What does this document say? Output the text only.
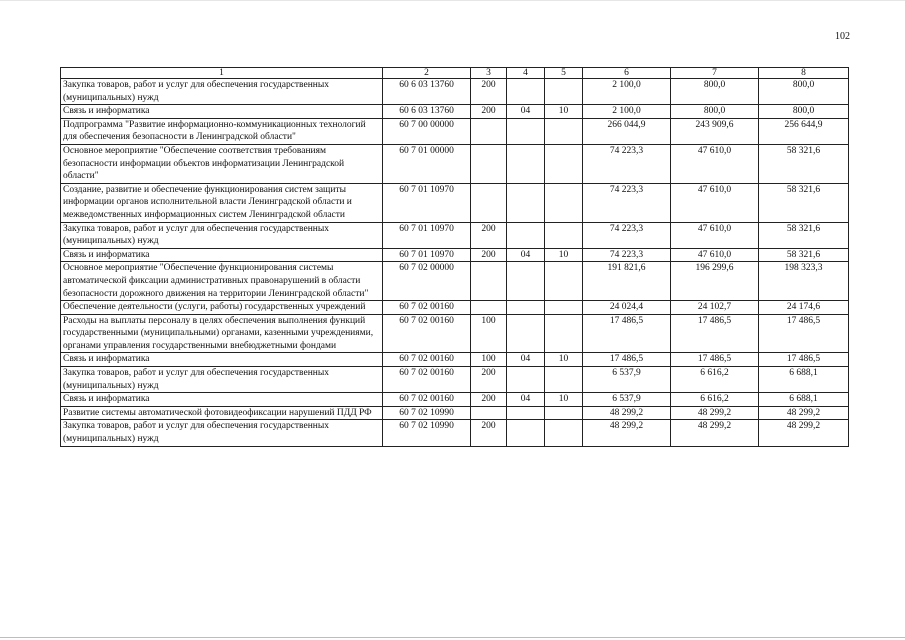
102
1	2	3	4	5	6	7	8
Закупка товаров, работ и услуг для обеспечения государственных (муниципальных) нужд	60 6 03 13760	200			2 100,0	800,0	800,0
Связь и информатика	60 6 03 13760	200	04	10	2 100,0	800,0	800,0
Подпрограмма "Развитие информационно-коммуникационных технологий для обеспечения безопасности в Ленинградской области"	60 7 00 00000				266 044,9	243 909,6	256 644,9
Основное мероприятие "Обеспечение соответствия требованиям безопасности информации объектов информатизации Ленинградской области"	60 7 01 00000				74 223,3	47 610,0	58 321,6
Создание, развитие и обеспечение функционирования систем защиты информации органов исполнительной власти Ленинградской области и межведомственных информационных систем Ленинградской области	60 7 01 10970				74 223,3	47 610,0	58 321,6
Закупка товаров, работ и услуг для обеспечения государственных (муниципальных) нужд	60 7 01 10970	200			74 223,3	47 610,0	58 321,6
Связь и информатика	60 7 01 10970	200	04	10	74 223,3	47 610,0	58 321,6
Основное мероприятие "Обеспечение функционирования системы автоматической фиксации административных правонарушений в области безопасности дорожного движения на территории Ленинградской области"	60 7 02 00000				191 821,6	196 299,6	198 323,3
Обеспечение деятельности (услуги, работы) государственных учреждений	60 7 02 00160				24 024,4	24 102,7	24 174,6
Расходы на выплаты персоналу в целях обеспечения выполнения функций государственными (муниципальными) органами, казенными учреждениями, органами управления государственными внебюджетными фондами	60 7 02 00160	100			17 486,5	17 486,5	17 486,5
Связь и информатика	60 7 02 00160	100	04	10	17 486,5	17 486,5	17 486,5
Закупка товаров, работ и услуг для обеспечения государственных (муниципальных) нужд	60 7 02 00160	200			6 537,9	6 616,2	6 688,1
Связь и информатика	60 7 02 00160	200	04	10	6 537,9	6 616,2	6 688,1
Развитие системы автоматической фотовидеофиксации нарушений ПДД РФ	60 7 02 10990				48 299,2	48 299,2	48 299,2
Закупка товаров, работ и услуг для обеспечения государственных (муниципальных) нужд	60 7 02 10990	200			48 299,2	48 299,2	48 299,2
